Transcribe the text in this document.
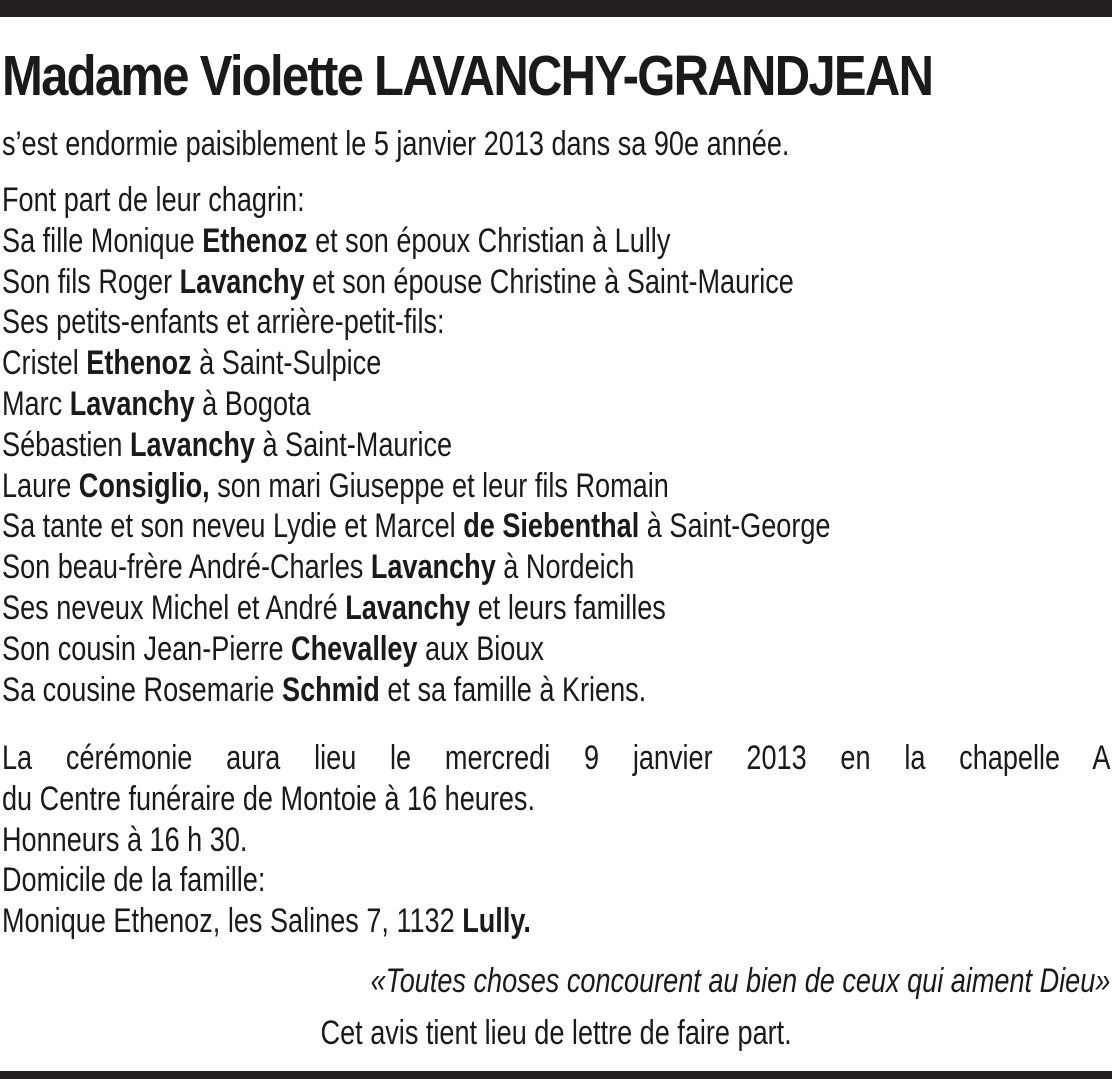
Madame Violette LAVANCHY-GRANDJEAN
s’est endormie paisiblement le 5 janvier 2013 dans sa 90e année.
Font part de leur chagrin:
Sa fille Monique Ethenoz et son époux Christian à Lully
Son fils Roger Lavanchy et son épouse Christine à Saint-Maurice
Ses petits-enfants et arrière-petit-fils:
Cristel Ethenoz à Saint-Sulpice
Marc Lavanchy à Bogota
Sébastien Lavanchy à Saint-Maurice
Laure Consiglio, son mari Giuseppe et leur fils Romain
Sa tante et son neveu Lydie et Marcel de Siebenthal à Saint-George
Son beau-frère André-Charles Lavanchy à Nordeich
Ses neveux Michel et André Lavanchy et leurs familles
Son cousin Jean-Pierre Chevalley aux Bioux
Sa cousine Rosemarie Schmid et sa famille à Kriens.
La cérémonie aura lieu le mercredi 9 janvier 2013 en la chapelle A
du Centre funéraire de Montoie à 16 heures.
Honneurs à 16 h 30.
Domicile de la famille:
Monique Ethenoz, les Salines 7, 1132 Lully.
«Toutes choses concourent au bien de ceux qui aiment Dieu»
Cet avis tient lieu de lettre de faire part.
